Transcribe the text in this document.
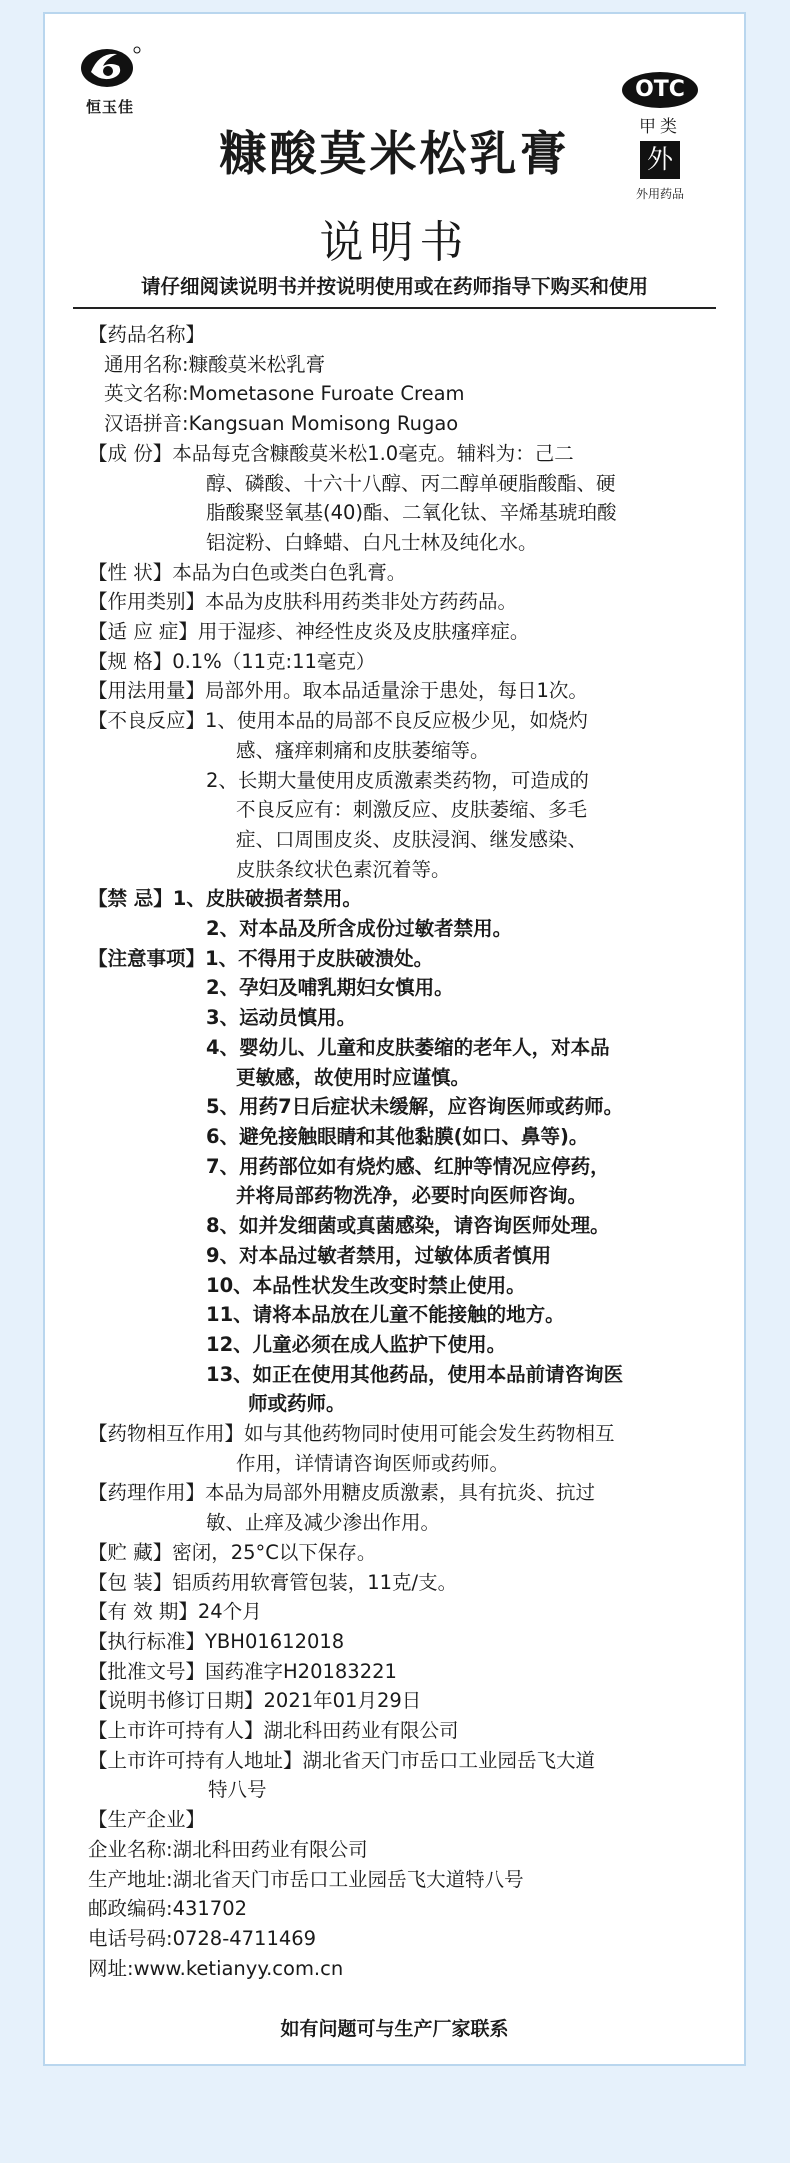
恒玉佳
糠酸莫米松乳膏
说明书
OTC
甲类
外
外用药品
请仔细阅读说明书并按说明使用或在药师指导下购买和使用
【药品名称】
通用名称:糠酸莫米松乳膏
英文名称:Mometasone Furoate Cream
汉语拼音:Kangsuan Momisong Rugao
【成 份】本品每克含糠酸莫米松1.0毫克。辅料为：己二
醇、磷酸、十六十八醇、丙二醇单硬脂酸酯、硬
脂酸聚竖氧基(40)酯、二氧化钛、辛烯基琥珀酸
铝淀粉、白蜂蜡、白凡士林及纯化水。
【性 状】本品为白色或类白色乳膏。
【作用类别】本品为皮肤科用药类非处方药药品。
【适 应 症】用于湿疹、神经性皮炎及皮肤瘙痒症。
【规 格】0.1%（11克:11毫克）
【用法用量】局部外用。取本品适量涂于患处，每日1次。
【不良反应】1、使用本品的局部不良反应极少见，如烧灼
感、瘙痒刺痛和皮肤萎缩等。
2、长期大量使用皮质激素类药物，可造成的
不良反应有：刺激反应、皮肤萎缩、多毛
症、口周围皮炎、皮肤浸润、继发感染、
皮肤条纹状色素沉着等。
【禁 忌】1、皮肤破损者禁用。
2、对本品及所含成份过敏者禁用。
【注意事项】1、不得用于皮肤破溃处。
2、孕妇及哺乳期妇女慎用。
3、运动员慎用。
4、婴幼儿、儿童和皮肤萎缩的老年人，对本品
更敏感，故使用时应谨慎。
5、用药7日后症状未缓解，应咨询医师或药师。
6、避免接触眼睛和其他黏膜(如口、鼻等)。
7、用药部位如有烧灼感、红肿等情况应停药，
并将局部药物洗净，必要时向医师咨询。
8、如并发细菌或真菌感染，请咨询医师处理。
9、对本品过敏者禁用，过敏体质者慎用
10、本品性状发生改变时禁止使用。
11、请将本品放在儿童不能接触的地方。
12、儿童必须在成人监护下使用。
13、如正在使用其他药品，使用本品前请咨询医
师或药师。
【药物相互作用】如与其他药物同时使用可能会发生药物相互
作用，详情请咨询医师或药师。
【药理作用】本品为局部外用糖皮质激素，具有抗炎、抗过
敏、止痒及减少渗出作用。
【贮 藏】密闭，25°C以下保存。
【包 装】铝质药用软膏管包装，11克/支。
【有 效 期】24个月
【执行标准】YBH01612018
【批准文号】国药准字H20183221
【说明书修订日期】2021年01月29日
【上市许可持有人】湖北科田药业有限公司
【上市许可持有人地址】湖北省天门市岳口工业园岳飞大道
特八号
【生产企业】
企业名称:湖北科田药业有限公司
生产地址:湖北省天门市岳口工业园岳飞大道特八号
邮政编码:431702
电话号码:0728-4711469
网址:www.ketianyy.com.cn
如有问题可与生产厂家联系
